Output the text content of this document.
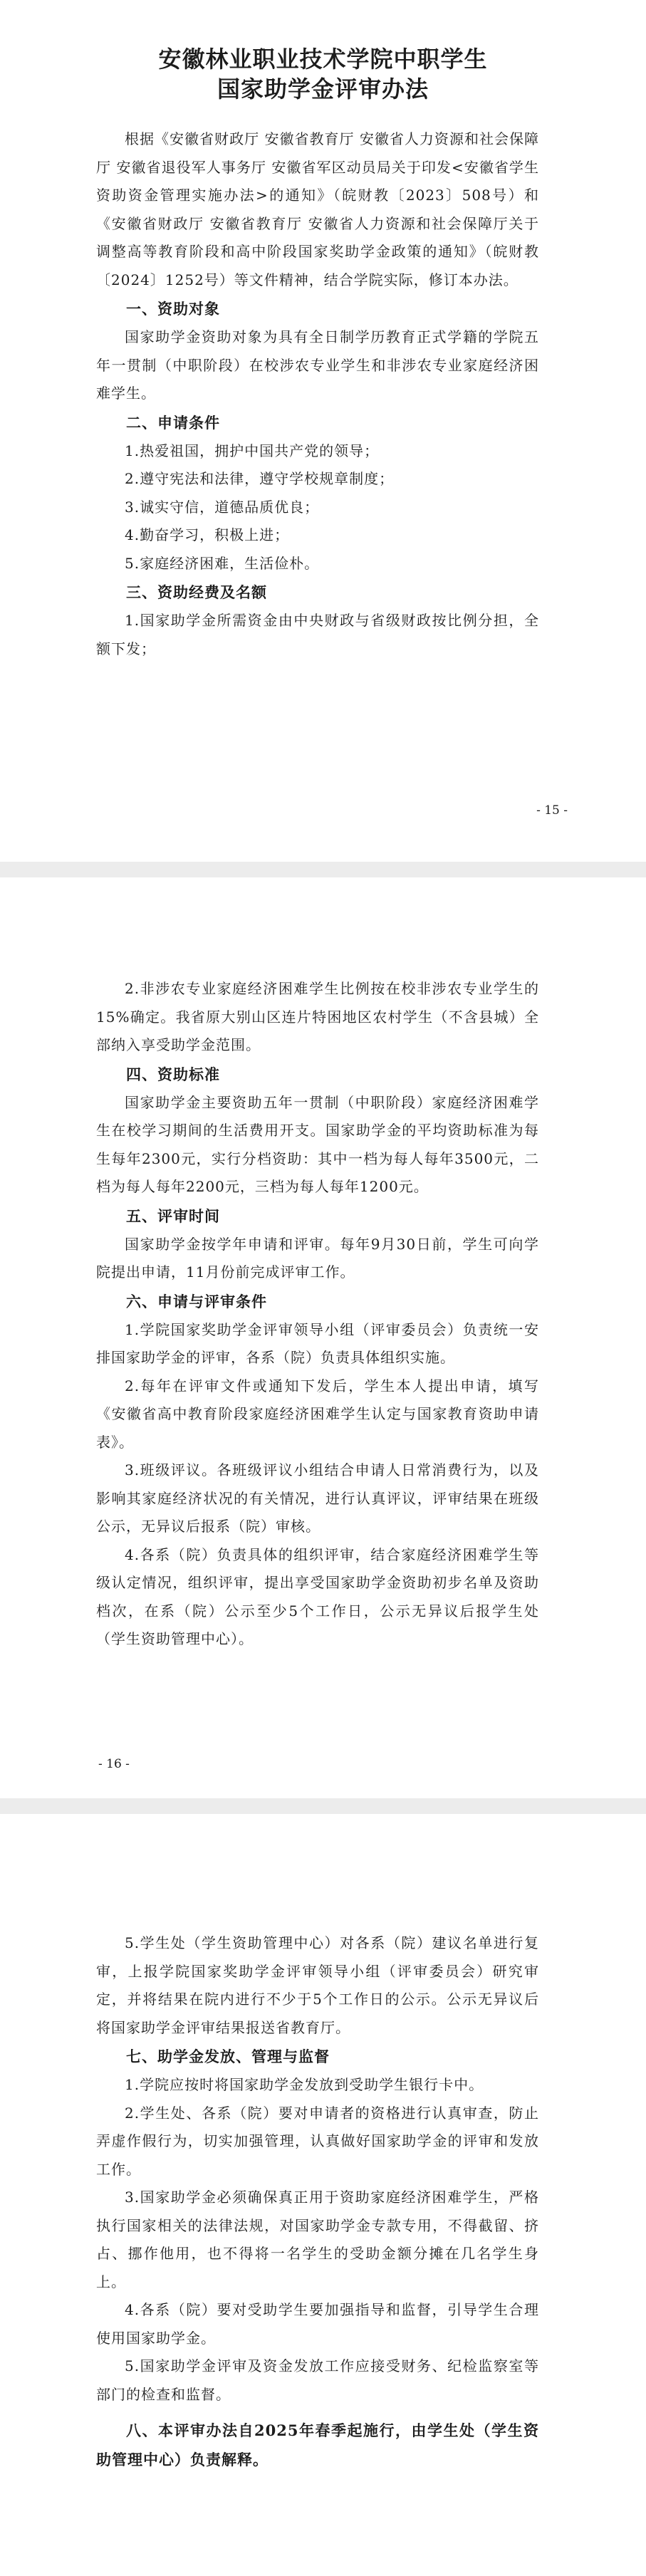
安徽林业职业技术学院中职学生

国家助学金评审办法

根据《安徽省财政厅 安徽省教育厅 安徽省人力资源和社会保障厅 安徽省退役军人事务厅 安徽省军区动员局关于印发<安徽省学生资助资金管理实施办法>的通知》（皖财教〔2023〕508号）和《安徽省财政厅 安徽省教育厅 安徽省人力资源和社会保障厅关于调整高等教育阶段和高中阶段国家奖助学金政策的通知》（皖财教〔2024〕1252号）等文件精神，结合学院实际，修订本办法。

一、资助对象

国家助学金资助对象为具有全日制学历教育正式学籍的学院五年一贯制（中职阶段）在校涉农专业学生和非涉农专业家庭经济困难学生。

二、申请条件

1.热爱祖国，拥护中国共产党的领导；

2.遵守宪法和法律，遵守学校规章制度；

3.诚实守信，道德品质优良；

4.勤奋学习，积极上进；

5.家庭经济困难，生活俭朴。

三、资助经费及名额

1.国家助学金所需资金由中央财政与省级财政按比例分担，全额下发；

- 15 -

2.非涉农专业家庭经济困难学生比例按在校非涉农专业学生的15%确定。我省原大别山区连片特困地区农村学生（不含县城）全部纳入享受助学金范围。

四、资助标准

国家助学金主要资助五年一贯制（中职阶段）家庭经济困难学生在校学习期间的生活费用开支。国家助学金的平均资助标准为每生每年2300元，实行分档资助：其中一档为每人每年3500元，二档为每人每年2200元，三档为每人每年1200元。

五、评审时间

国家助学金按学年申请和评审。每年9月30日前，学生可向学院提出申请，11月份前完成评审工作。

六、申请与评审条件

1.学院国家奖助学金评审领导小组（评审委员会）负责统一安排国家助学金的评审，各系（院）负责具体组织实施。

2.每年在评审文件或通知下发后，学生本人提出申请，填写《安徽省高中教育阶段家庭经济困难学生认定与国家教育资助申请表》。

3.班级评议。各班级评议小组结合申请人日常消费行为，以及影响其家庭经济状况的有关情况，进行认真评议，评审结果在班级公示，无异议后报系（院）审核。

4.各系（院）负责具体的组织评审，结合家庭经济困难学生等级认定情况，组织评审，提出享受国家助学金资助初步名单及资助档次，在系（院）公示至少5个工作日，公示无异议后报学生处（学生资助管理中心）。

- 16 -

5.学生处（学生资助管理中心）对各系（院）建议名单进行复审，上报学院国家奖助学金评审领导小组（评审委员会）研究审定，并将结果在院内进行不少于5个工作日的公示。公示无异议后将国家助学金评审结果报送省教育厅。

七、助学金发放、管理与监督

1.学院应按时将国家助学金发放到受助学生银行卡中。

2.学生处、各系（院）要对申请者的资格进行认真审查，防止弄虚作假行为，切实加强管理，认真做好国家助学金的评审和发放工作。

3.国家助学金必须确保真正用于资助家庭经济困难学生，严格执行国家相关的法律法规，对国家助学金专款专用，不得截留、挤占、挪作他用，也不得将一名学生的受助金额分摊在几名学生身上。

4.各系（院）要对受助学生要加强指导和监督，引导学生合理使用国家助学金。

5.国家助学金评审及资金发放工作应接受财务、纪检监察室等部门的检查和监督。

八、本评审办法自2025年春季起施行，由学生处（学生资助管理中心）负责解释。
